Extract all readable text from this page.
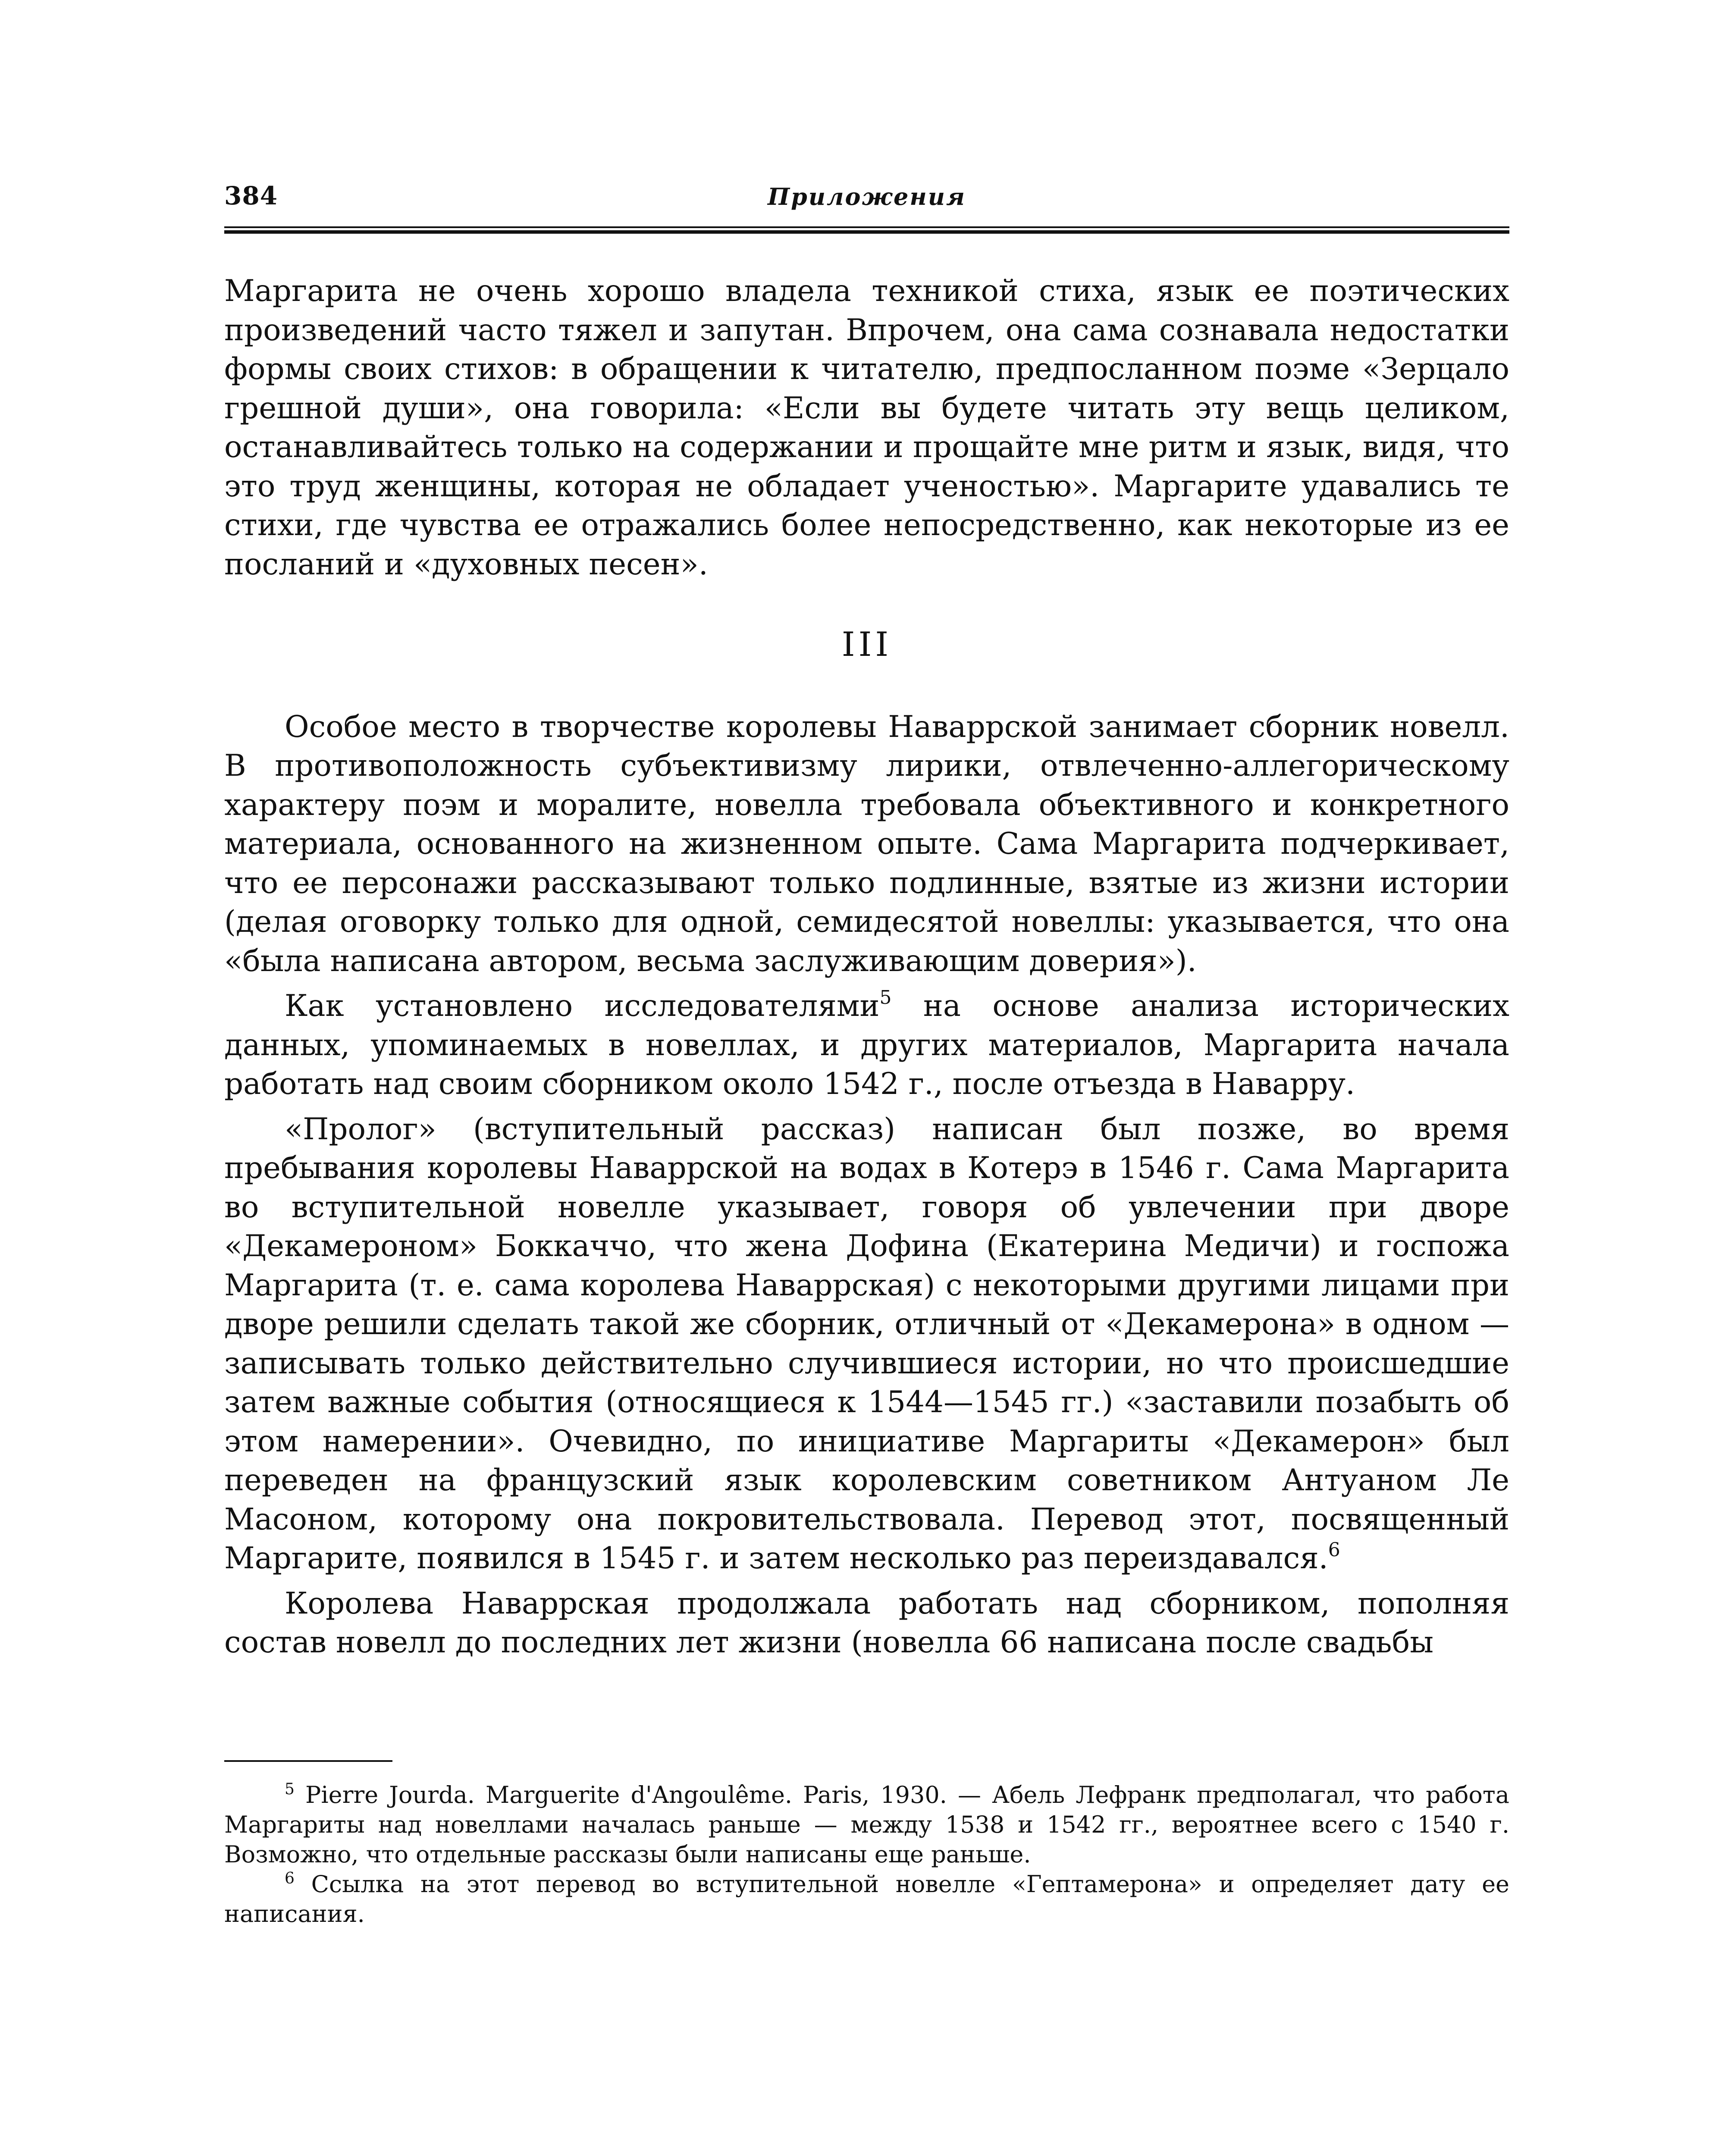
384	Приложения

Маргарита не очень хорошо владела техникой стиха, язык ее поэтических произведений часто тяжел и запутан. Впрочем, она сама сознавала недостатки формы своих стихов: в обращении к читателю, предпосланном поэме «Зерцало грешной души», она говорила: «Если вы будете читать эту вещь целиком, останавливайтесь только на содержании и прощайте мне ритм и язык, видя, что это труд женщины, которая не обладает ученостью». Маргарите удавались те стихи, где чувства ее отражались более непосредственно, как некоторые из ее посланий и «духовных песен».

III

Особое место в творчестве королевы Наваррской занимает сборник новелл. В противоположность субъективизму лирики, отвлеченно-аллегорическому характеру поэм и моралите, новелла требовала объективного и конкретного материала, основанного на жизненном опыте. Сама Маргарита подчеркивает, что ее персонажи рассказывают только подлинные, взятые из жизни истории (делая оговорку только для одной, семидесятой новеллы: указывается, что она «была написана автором, весьма заслуживающим доверия»).

Как установлено исследователями$^5$ на основе анализа исторических данных, упоминаемых в новеллах, и других материалов, Маргарита начала работать над своим сборником около 1542 г., после отъезда в Наварру.

«Пролог» (вступительный рассказ) написан был позже, во время пребывания королевы Наваррской на водах в Котерэ в 1546 г. Сама Маргарита во вступительной новелле указывает, говоря об увлечении при дворе «Декамероном» Боккаччо, что жена Дофина (Екатерина Медичи) и госпожа Маргарита (т. е. сама королева Наваррская) с некоторыми другими лицами при дворе решили сделать такой же сборник, отличный от «Декамерона» в одном — записывать только действительно случившиеся истории, но что происшедшие затем важные события (относящиеся к 1544—1545 гг.) «заставили позабыть об этом намерении». Очевидно, по инициативе Маргариты «Декамерон» был переведен на французский язык королевским советником Антуаном Ле Масоном, которому она покровительствовала. Перевод этот, посвященный Маргарите, появился в 1545 г. и затем несколько раз переиздавался.$^6$

Королева Наваррская продолжала работать над сборником, пополняя состав новелл до последних лет жизни (новелла 66 написана после свадьбы

$^5$ Pierre Jourda. Marguerite d'Angoulême. Paris, 1930. — Абель Лефранк предполагал, что работа Маргариты над новеллами началась раньше — между 1538 и 1542 гг., вероятнее всего с 1540 г. Возможно, что отдельные рассказы были написаны еще раньше.

$^6$ Ссылка на этот перевод во вступительной новелле «Гептамерона» и определяет дату ее написания.
